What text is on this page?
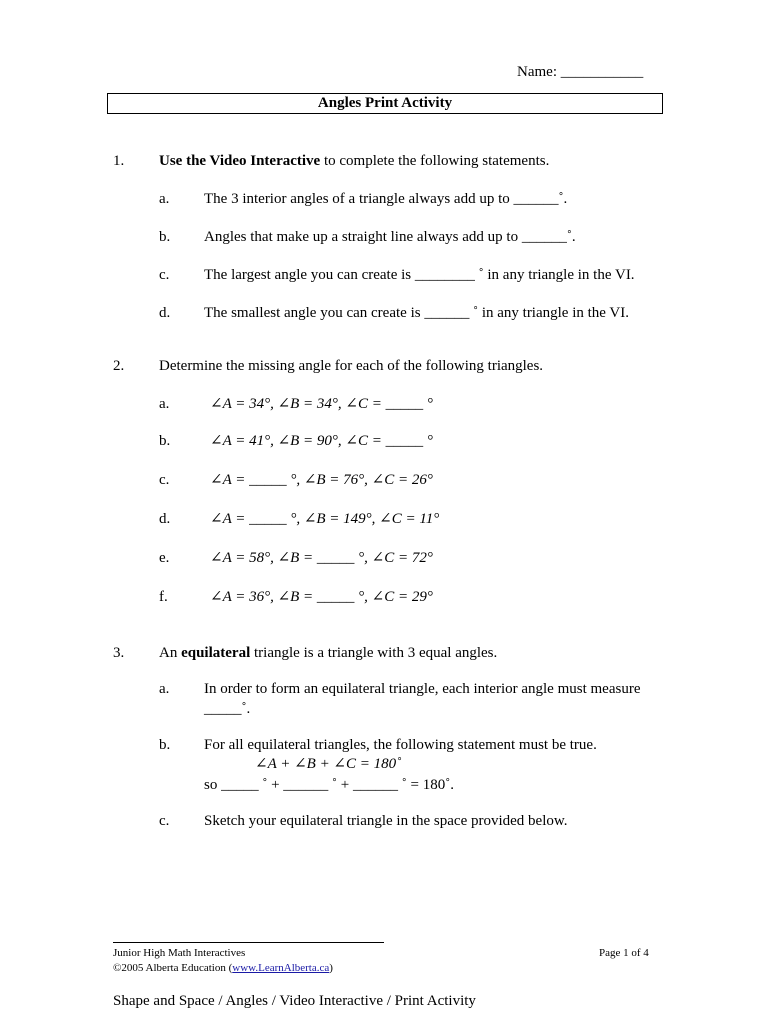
Name: ___________
Angles Print Activity
1. Use the Video Interactive to complete the following statements.
a. The 3 interior angles of a triangle always add up to ______˚.
b. Angles that make up a straight line always add up to ______˚.
c. The largest angle you can create is ________ ˚ in any triangle in the VI.
d. The smallest angle you can create is ______ ˚ in any triangle in the VI.
2. Determine the missing angle for each of the following triangles.
a.	∠A = 34°, ∠B = 34°, ∠C = _____ °
b.	∠A = 41°, ∠B = 90°, ∠C = _____ °
c.	∠A = _____ °, ∠B = 76°, ∠C = 26°
d.	∠A = _____ °, ∠B = 149°, ∠C = 11°
e.	∠A = 58°, ∠B = _____ °, ∠C = 72°
f.	∠A = 36°, ∠B = _____ °, ∠C = 29°
3. An equilateral triangle is a triangle with 3 equal angles.
a. In order to form an equilateral triangle, each interior angle must measure
_____˚.
b. For all equilateral triangles, the following statement must be true.
∠A + ∠B + ∠C = 180˚
so _____ ˚ + ______ ˚ + ______ ˚ = 180˚.
c. Sketch your equilateral triangle in the space provided below.
Junior High Math Interactives
©2005 Alberta Education (www.LearnAlberta.ca)
Page 1 of 4
Shape and Space / Angles / Video Interactive / Print Activity
